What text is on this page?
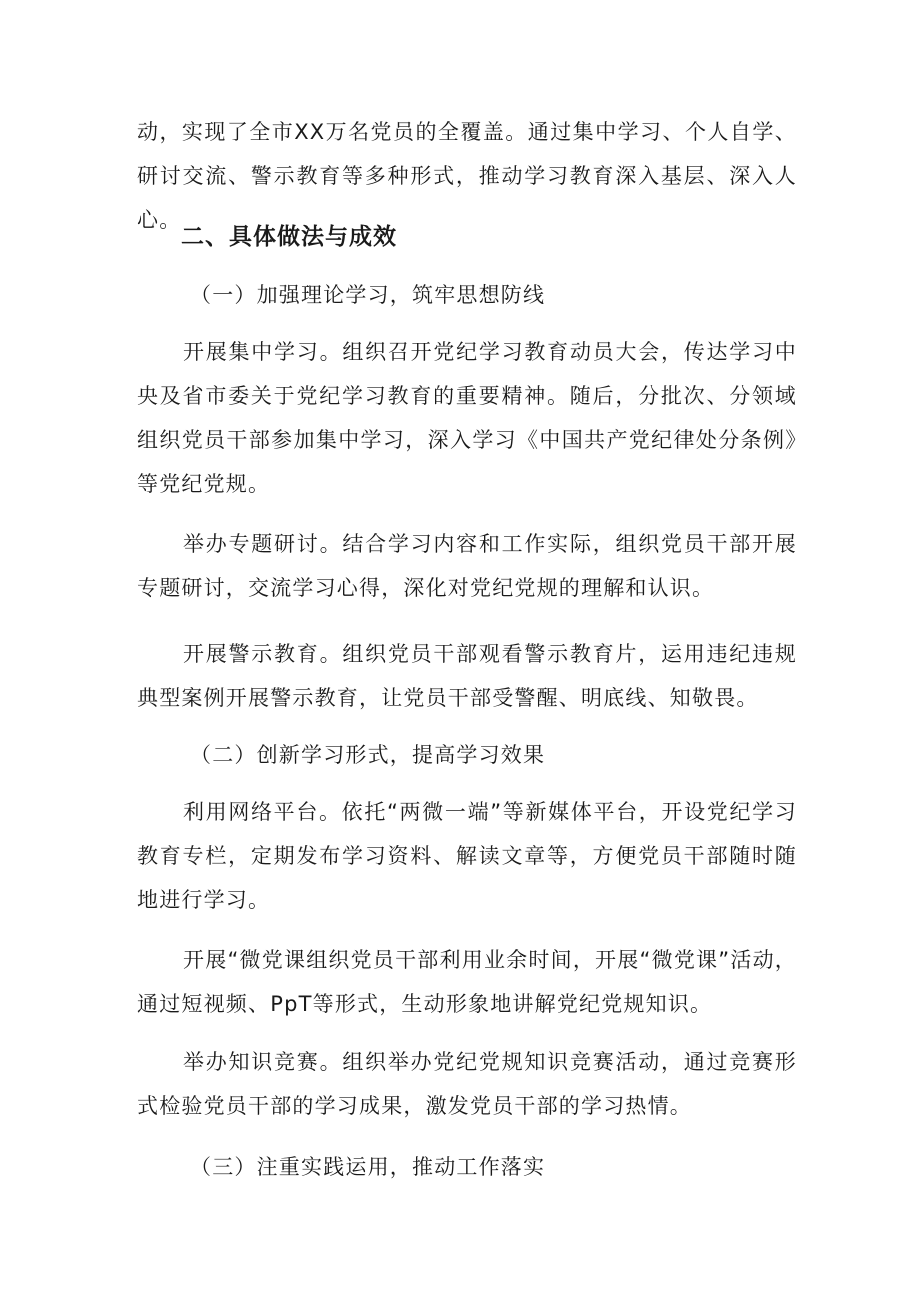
动，实现了全市XX万名党员的全覆盖。通过集中学习、个人自学、研讨交流、警示教育等多种形式，推动学习教育深入基层、深入人心。

二、具体做法与成效

（一）加强理论学习，筑牢思想防线

开展集中学习。组织召开党纪学习教育动员大会，传达学习中央及省市委关于党纪学习教育的重要精神。随后，分批次、分领域组织党员干部参加集中学习，深入学习《中国共产党纪律处分条例》等党纪党规。

举办专题研讨。结合学习内容和工作实际，组织党员干部开展专题研讨，交流学习心得，深化对党纪党规的理解和认识。

开展警示教育。组织党员干部观看警示教育片，运用违纪违规典型案例开展警示教育，让党员干部受警醒、明底线、知敬畏。

（二）创新学习形式，提高学习效果

利用网络平台。依托“两微一端”等新媒体平台，开设党纪学习教育专栏，定期发布学习资料、解读文章等，方便党员干部随时随地进行学习。

开展“微党课组织党员干部利用业余时间，开展“微党课”活动，通过短视频、PpT等形式，生动形象地讲解党纪党规知识。

举办知识竞赛。组织举办党纪党规知识竞赛活动，通过竞赛形式检验党员干部的学习成果，激发党员干部的学习热情。

（三）注重实践运用，推动工作落实
